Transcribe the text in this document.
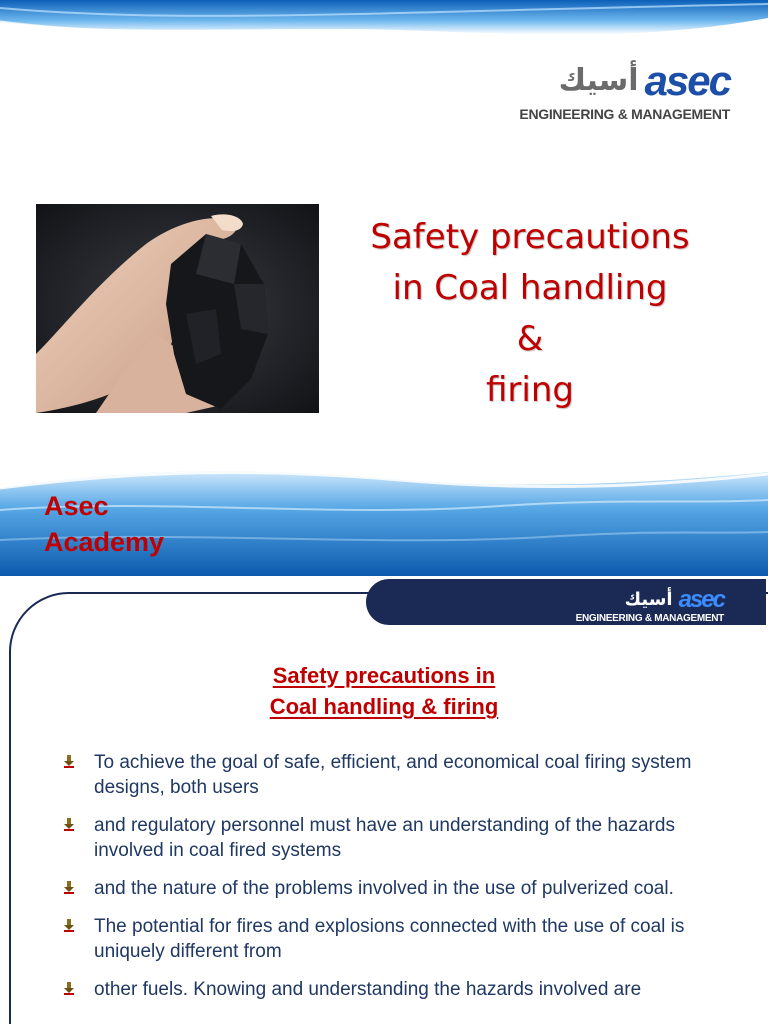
أسيك asec
ENGINEERING & MANAGEMENT
Safety precautions
in Coal handling
&
firing
Asec
Academy
أسيك asec
ENGINEERING & MANAGEMENT
Safety precautions in
Coal handling & firing
To achieve the goal of safe, efficient, and economical coal firing system designs, both users
and regulatory personnel must have an understanding of the hazards involved in coal fired systems
and the nature of the problems involved in the use of pulverized coal.
The potential for fires and explosions connected with the use of coal is uniquely different from
other fuels. Knowing and understanding the hazards involved are
